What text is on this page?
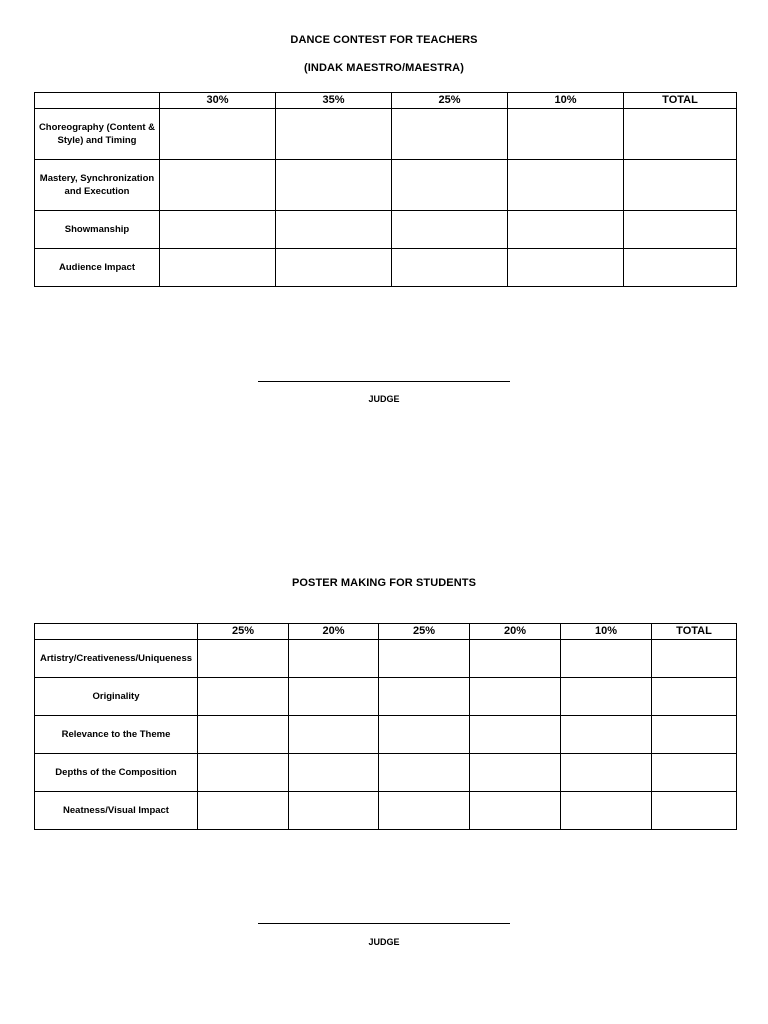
DANCE CONTEST FOR TEACHERS
(INDAK MAESTRO/MAESTRA)
	30%	35%	25%	10%	TOTAL
Choreography (Content & Style) and Timing					
Mastery, Synchronization and Execution					
Showmanship					
Audience Impact					
JUDGE
POSTER MAKING FOR STUDENTS
	25%	20%	25%	20%	10%	TOTAL
Artistry/Creativeness/Uniqueness						
Originality						
Relevance to the Theme						
Depths of the Composition						
Neatness/Visual Impact						
JUDGE
